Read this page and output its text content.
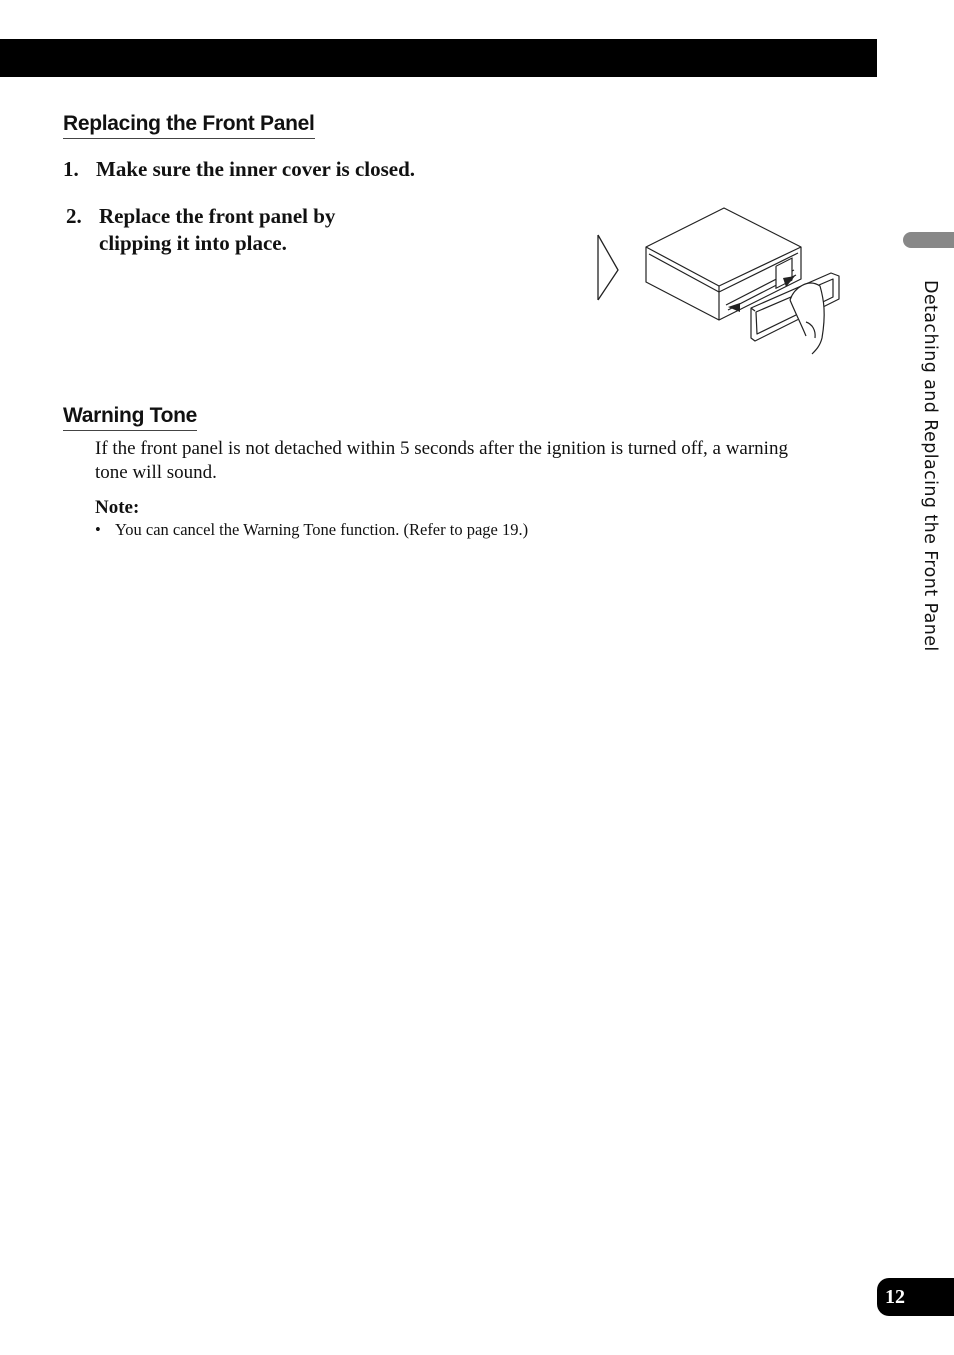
Replacing the Front Panel
1. Make sure the inner cover is closed.
2. Replace the front panel by
clipping it into place.
Warning Tone

If the front panel is not detached within 5 seconds after the ignition is turned off, a warning
tone will sound.

Note:

• You can cancel the Warning Tone function. (Refer to page 19.)	Detaching and Replacing the Front Panel
12
